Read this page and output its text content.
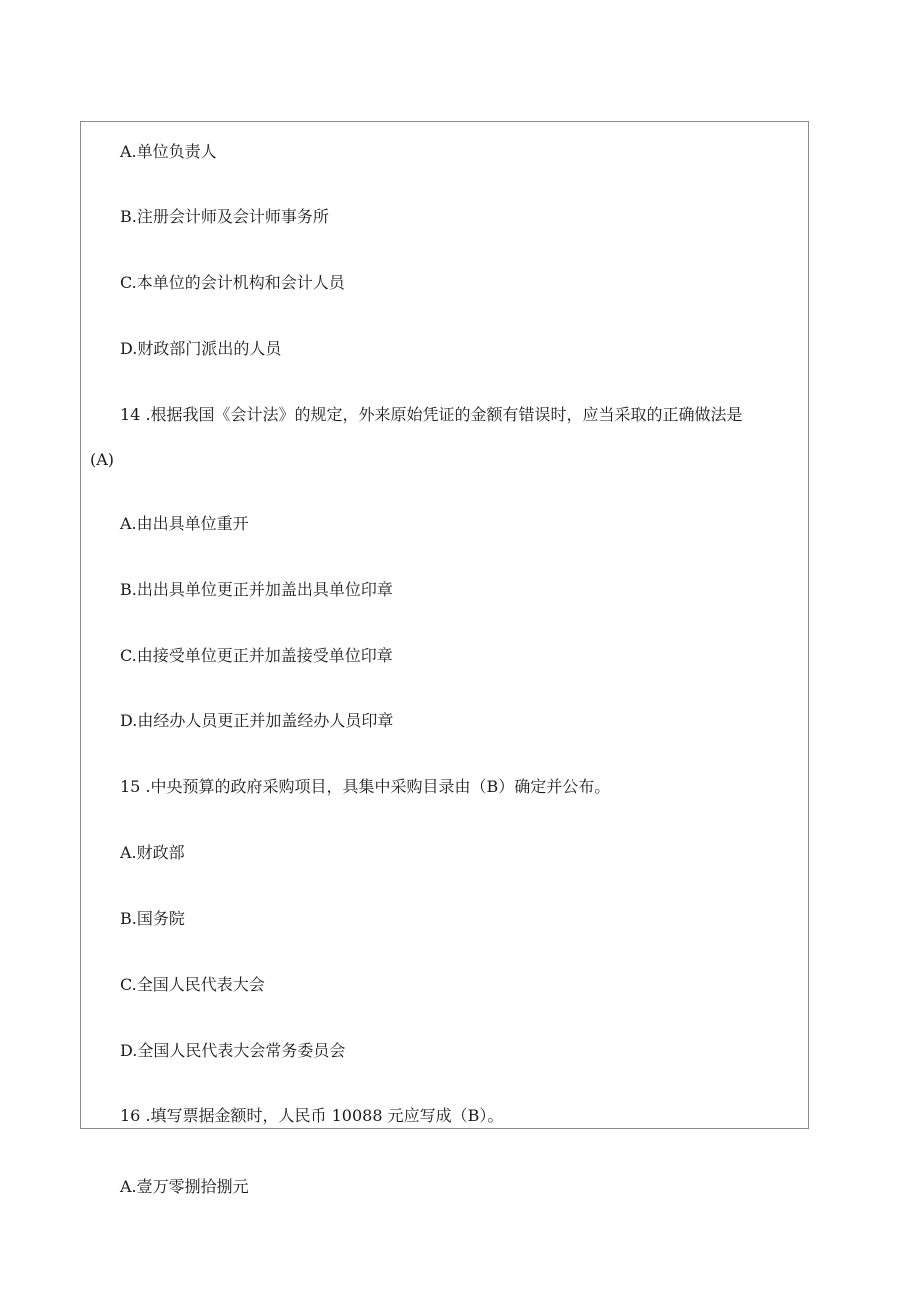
A.单位负责人
B.注册会计师及会计师事务所
C.本单位的会计机构和会计人员
D.财政部门派出的人员
14 .根据我国《会计法》的规定，外来原始凭证的金额有错误时，应当采取的正确做法是
(A)
A.由出具单位重开
B.出出具单位更正并加盖出具单位印章
C.由接受单位更正并加盖接受单位印章
D.由经办人员更正并加盖经办人员印章
15 .中央预算的政府采购项目，具集中采购目录由（B）确定并公布。
A.财政部
B.国务院
C.全国人民代表大会
D.全国人民代表大会常务委员会
16 .填写票据金额时，人民币 10088 元应写成（B）。
A.壹万零捌拾捌元
